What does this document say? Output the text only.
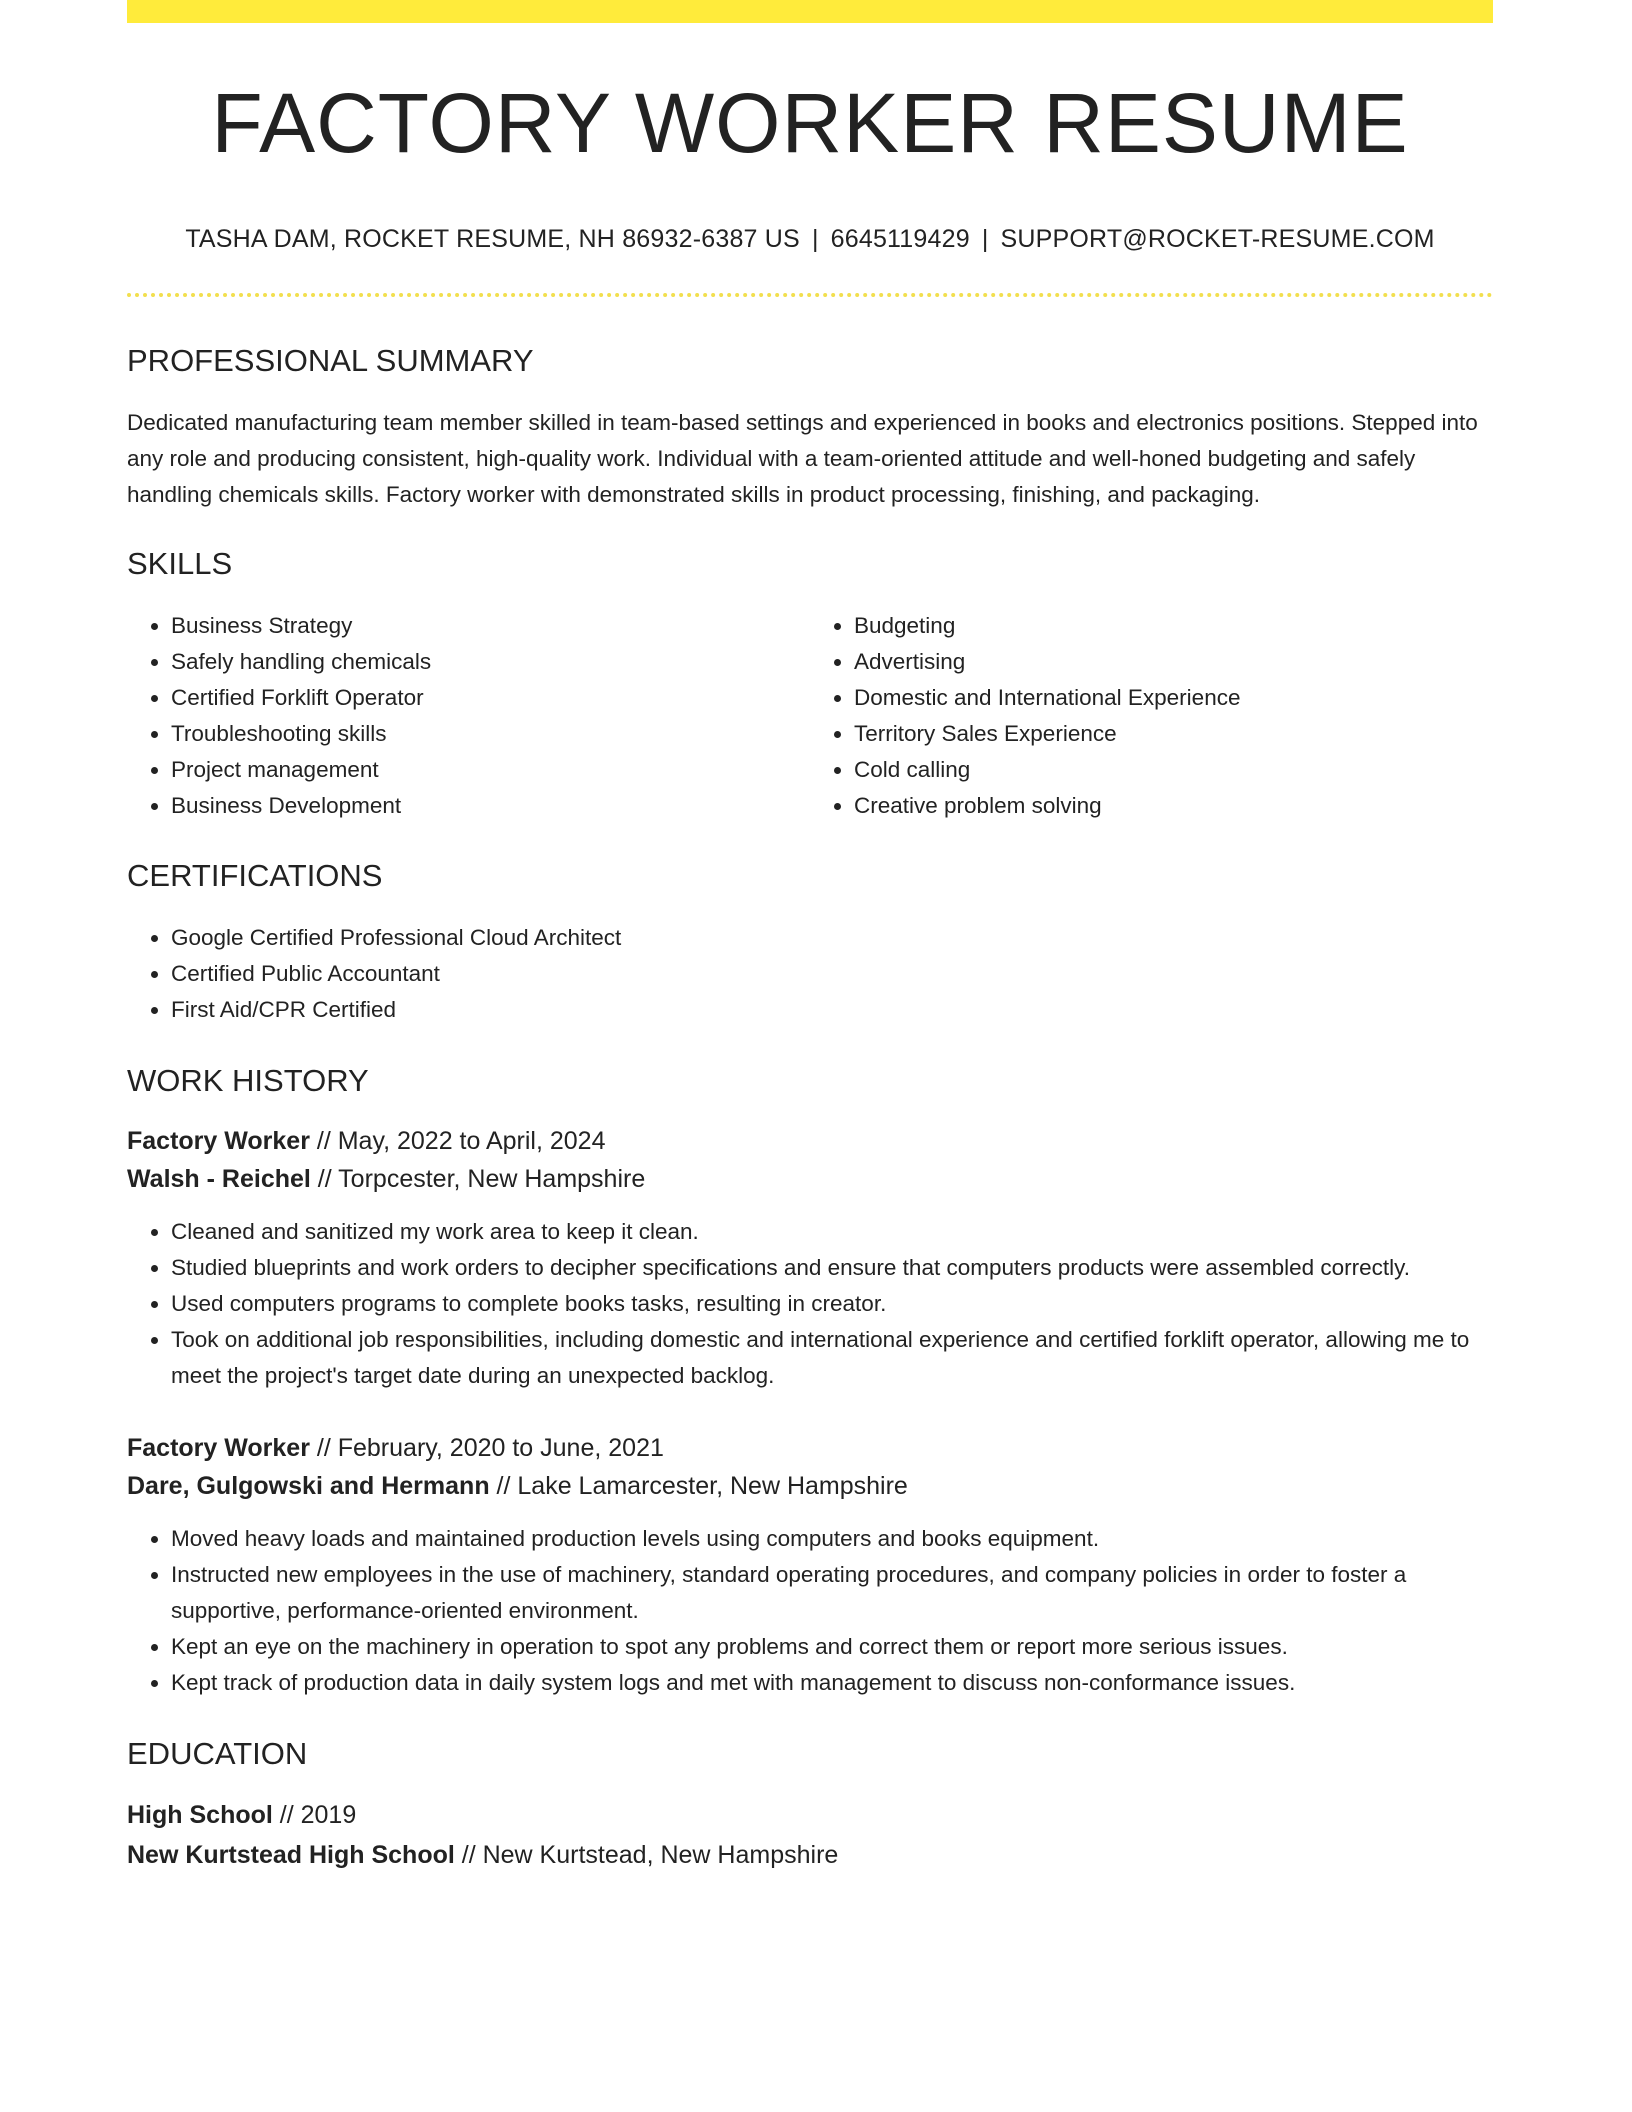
FACTORY WORKER RESUME
TASHA DAM, ROCKET RESUME, NH 86932-6387 US | 6645119429 | SUPPORT@ROCKET-RESUME.COM
PROFESSIONAL SUMMARY

Dedicated manufacturing team member skilled in team-based settings and experienced in books and electronics positions. Stepped into any role and producing consistent, high-quality work. Individual with a team-oriented attitude and well-honed budgeting and safely handling chemicals skills. Factory worker with demonstrated skills in product processing, finishing, and packaging.

SKILLS
• Business Strategy
• Safely handling chemicals
• Certified Forklift Operator
• Troubleshooting skills
• Project management
• Business Development
• Budgeting
• Advertising
• Domestic and International Experience
• Territory Sales Experience
• Cold calling
• Creative problem solving
CERTIFICATIONS
• Google Certified Professional Cloud Architect
• Certified Public Accountant
• First Aid/CPR Certified
WORK HISTORY
Factory Worker // May, 2022 to April, 2024
Walsh - Reichel // Torpcester, New Hampshire
• Cleaned and sanitized my work area to keep it clean.
• Studied blueprints and work orders to decipher specifications and ensure that computers products were assembled correctly.
• Used computers programs to complete books tasks, resulting in creator.
• Took on additional job responsibilities, including domestic and international experience and certified forklift operator, allowing me to meet the project's target date during an unexpected backlog.
Factory Worker // February, 2020 to June, 2021
Dare, Gulgowski and Hermann // Lake Lamarcester, New Hampshire
• Moved heavy loads and maintained production levels using computers and books equipment.
• Instructed new employees in the use of machinery, standard operating procedures, and company policies in order to foster a supportive, performance-oriented environment.
• Kept an eye on the machinery in operation to spot any problems and correct them or report more serious issues.
• Kept track of production data in daily system logs and met with management to discuss non-conformance issues.
EDUCATION
High School // 2019
New Kurtstead High School // New Kurtstead, New Hampshire
